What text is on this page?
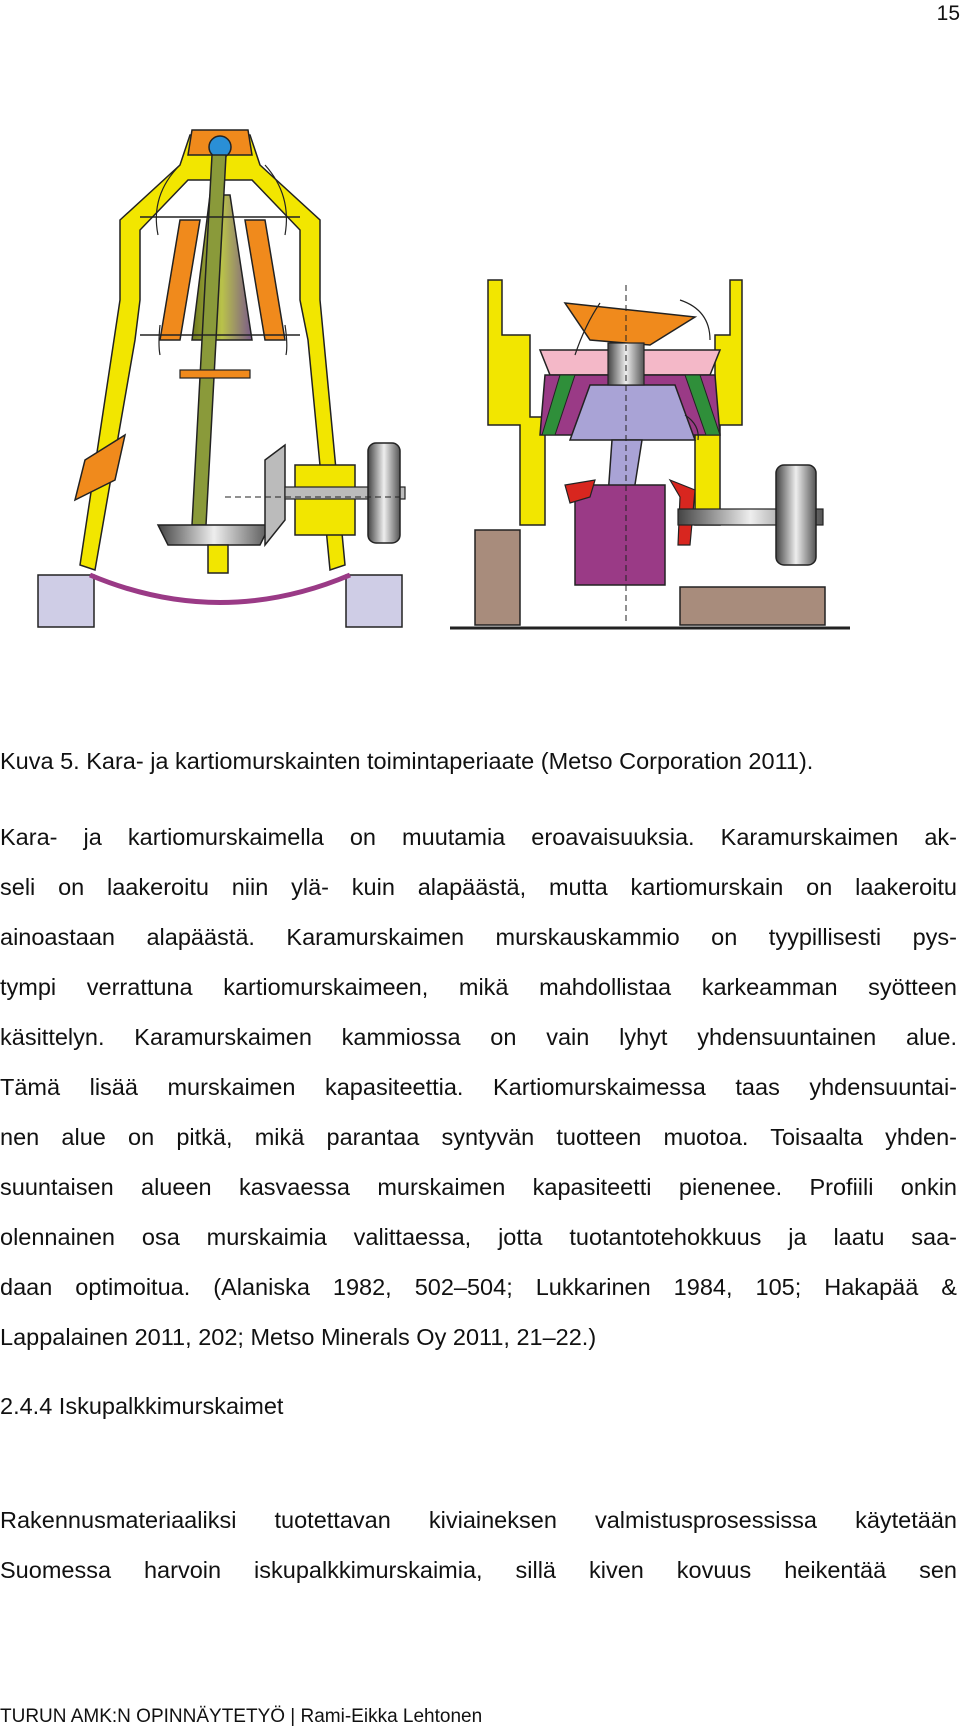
15
Kuva 5. Kara- ja kartiomurskainten toimintaperiaate (Metso Corporation 2011).
Kara- ja kartiomurskaimella on muutamia eroavaisuuksia. Karamurskaimen ak-
seli on laakeroitu niin ylä- kuin alapäästä, mutta kartiomurskain on laakeroitu
ainoastaan alapäästä. Karamurskaimen murskauskammio on tyypillisesti pys-
tympi verrattuna kartiomurskaimeen, mikä mahdollistaa karkeamman syötteen
käsittelyn. Karamurskaimen kammiossa on vain lyhyt yhdensuuntainen alue.
Tämä lisää murskaimen kapasiteettia. Kartiomurskaimessa taas yhdensuuntai-
nen alue on pitkä, mikä parantaa syntyvän tuotteen muotoa. Toisaalta yhden-
suuntaisen alueen kasvaessa murskaimen kapasiteetti pienenee. Profiili onkin
olennainen osa murskaimia valittaessa, jotta tuotantotehokkuus ja laatu saa-
daan optimoitua. (Alaniska 1982, 502–504; Lukkarinen 1984, 105; Hakapää &
Lappalainen 2011, 202; Metso Minerals Oy 2011, 21–22.)
2.4.4 Iskupalkkimurskaimet
Rakennusmateriaaliksi tuotettavan kiviaineksen valmistusprosessissa käytetään
Suomessa harvoin iskupalkkimurskaimia, sillä kiven kovuus heikentää sen
TURUN AMK:N OPINNÄYTETYÖ | Rami-Eikka Lehtonen
